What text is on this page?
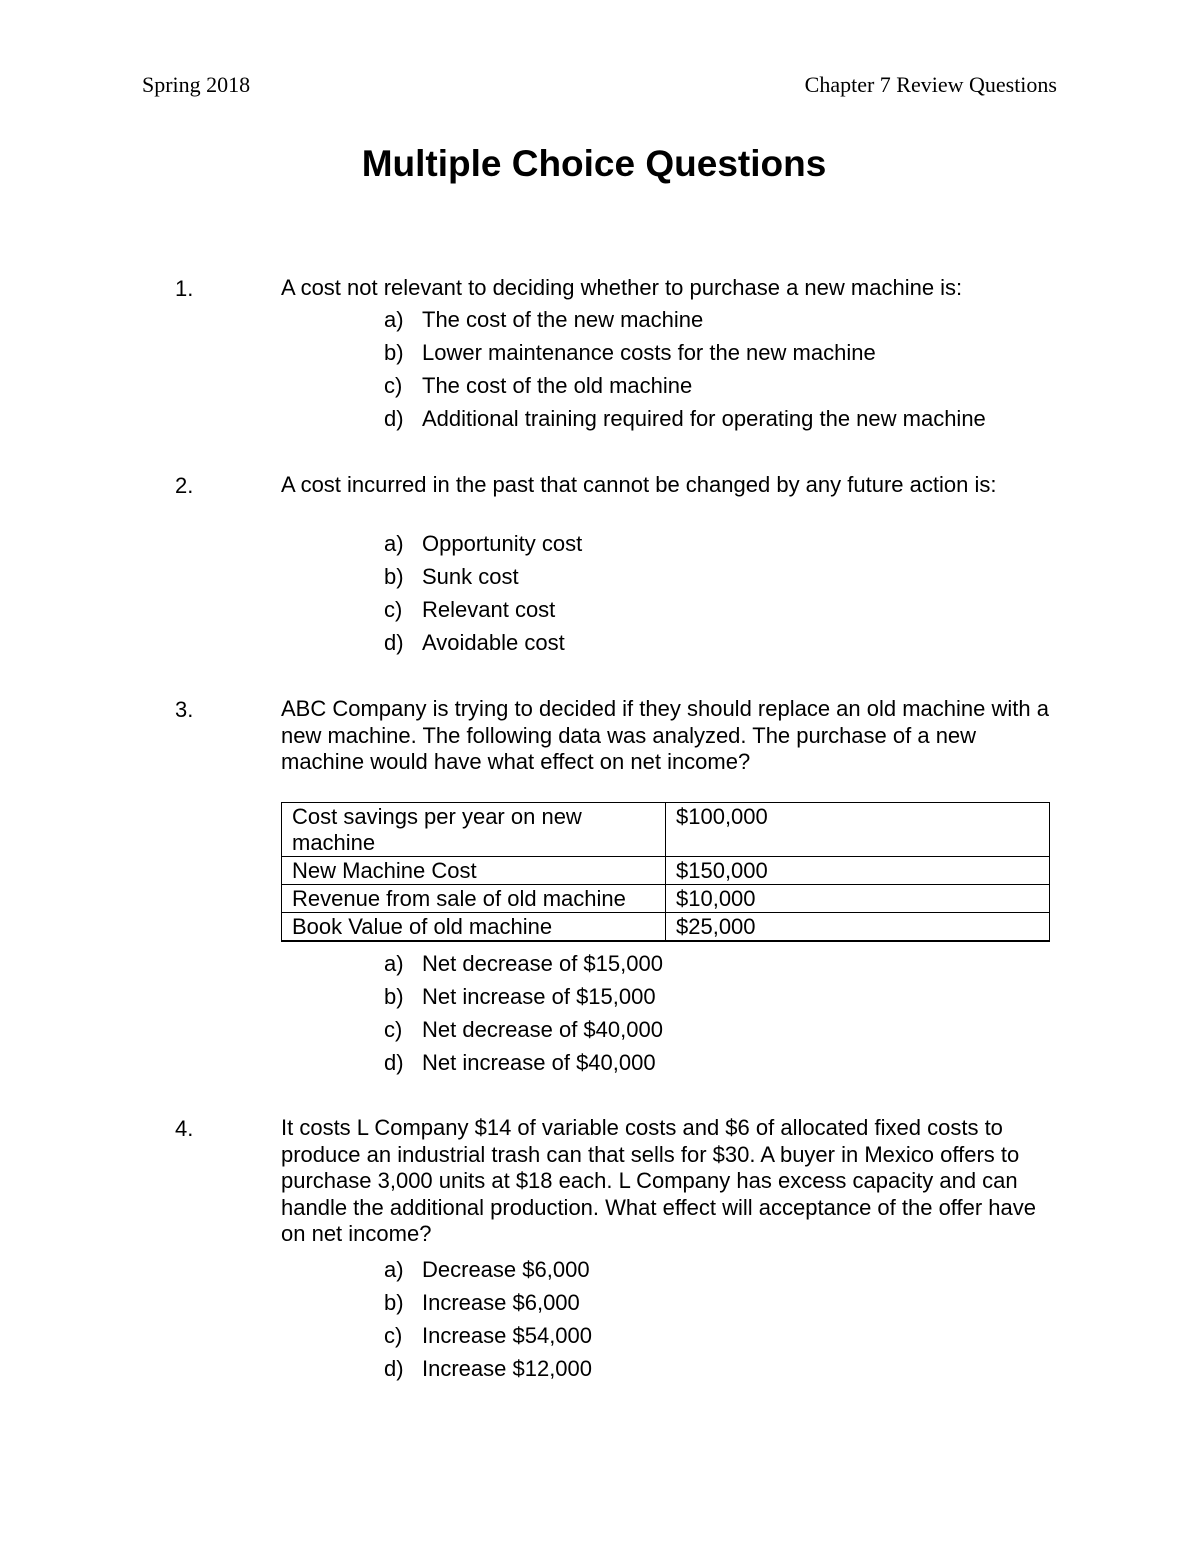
Spring 2018	Chapter 7 Review Questions
Multiple Choice Questions
1.	A cost not relevant to deciding whether to purchase a new machine is:
a) The cost of the new machine
b) Lower maintenance costs for the new machine
c) The cost of the old machine
d) Additional training required for operating the new machine
2.	A cost incurred in the past that cannot be changed by any future action is:
a) Opportunity cost
b) Sunk cost
c) Relevant cost
d) Avoidable cost
3.	ABC Company is trying to decided if they should replace an old machine with a new machine. The following data was analyzed. The purchase of a new machine would have what effect on net income?
Cost savings per year on new machine	$100,000
New Machine Cost	$150,000
Revenue from sale of old machine	$10,000
Book Value of old machine	$25,000
a) Net decrease of $15,000
b) Net increase of $15,000
c) Net decrease of $40,000
d) Net increase of $40,000
4.	It costs L Company $14 of variable costs and $6 of allocated fixed costs to produce an industrial trash can that sells for $30. A buyer in Mexico offers to purchase 3,000 units at $18 each. L Company has excess capacity and can handle the additional production. What effect will acceptance of the offer have on net income?
a) Decrease $6,000
b) Increase $6,000
c) Increase $54,000
d) Increase $12,000
